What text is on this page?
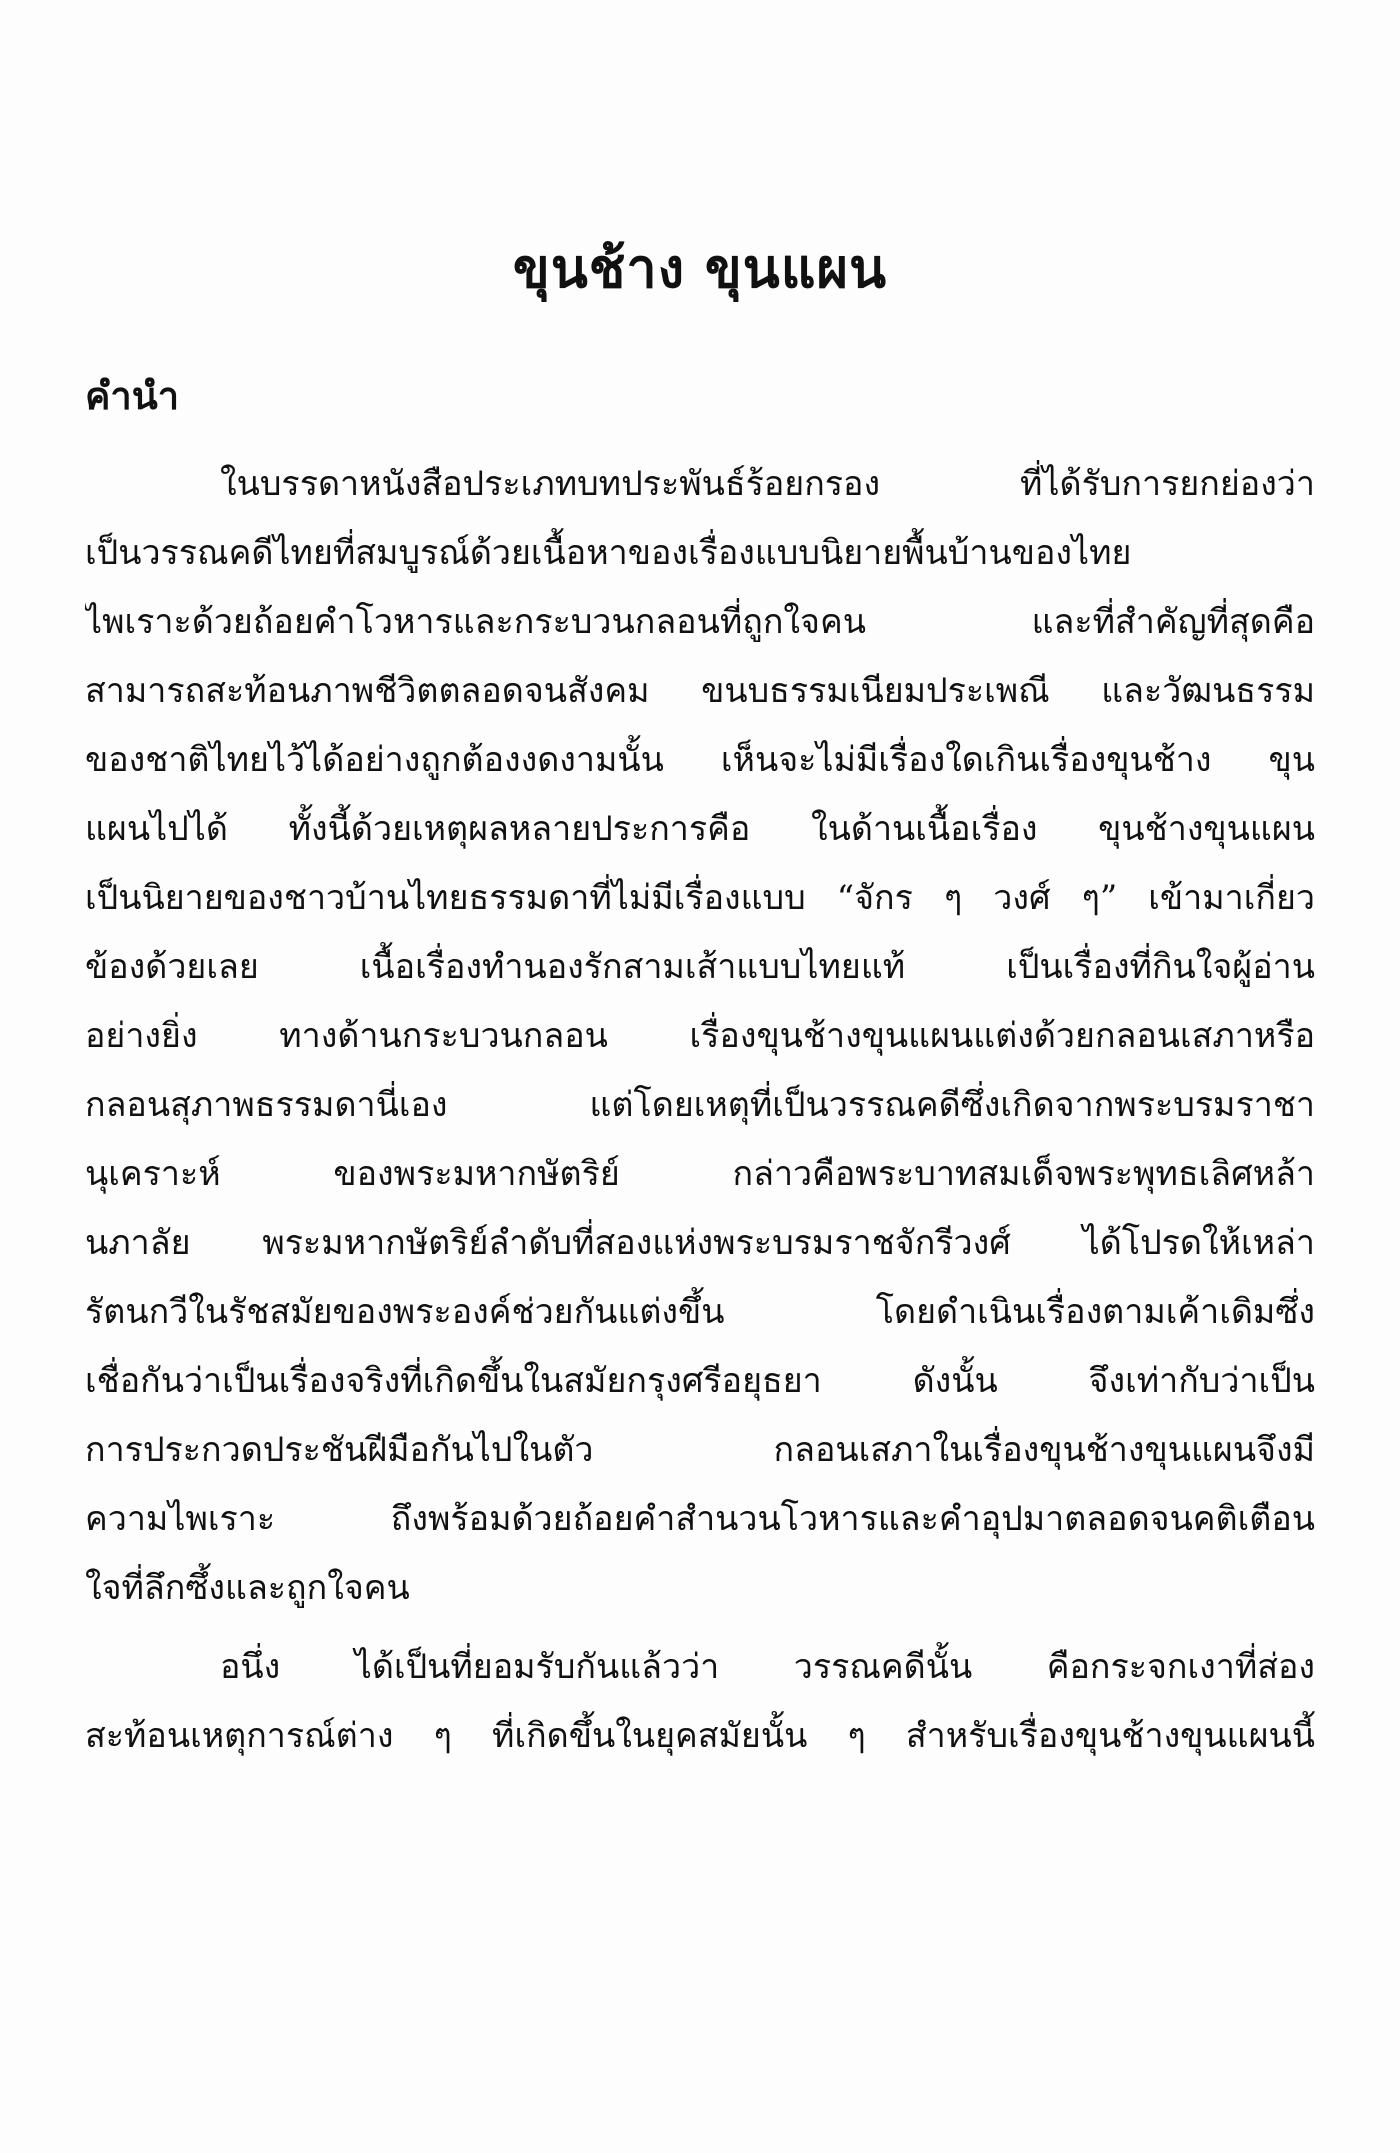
ขุนช้าง ขุนแผน
คำนำ
ในบรรดาหนังสือประเภทบทประพันธ์ร้อยกรอง ที่ได้รับการยกย่องว่า
เป็นวรรณคดีไทยที่สมบูรณ์ด้วยเนื้อหาของเรื่องแบบนิยายพื้นบ้านของไทย
ไพเราะด้วยถ้อยคำโวหารและกระบวนกลอนที่ถูกใจคน และที่สำคัญที่สุดคือ
สามารถสะท้อนภาพชีวิตตลอดจนสังคม ขนบธรรมเนียมประเพณี และวัฒนธรรม
ของชาติไทยไว้ได้อย่างถูกต้องงดงามนั้น เห็นจะไม่มีเรื่องใดเกินเรื่องขุนช้าง ขุน
แผนไปได้ ทั้งนี้ด้วยเหตุผลหลายประการคือ ในด้านเนื้อเรื่อง ขุนช้างขุนแผน
เป็นนิยายของชาวบ้านไทยธรรมดาที่ไม่มีเรื่องแบบ “จักร ๆ วงศ์ ๆ” เข้ามาเกี่ยว
ข้องด้วยเลย เนื้อเรื่องทำนองรักสามเส้าแบบไทยแท้ เป็นเรื่องที่กินใจผู้อ่าน
อย่างยิ่ง ทางด้านกระบวนกลอน เรื่องขุนช้างขุนแผนแต่งด้วยกลอนเสภาหรือ
กลอนสุภาพธรรมดานี่เอง แต่โดยเหตุที่เป็นวรรณคดีซึ่งเกิดจากพระบรมราชา
นุเคราะห์ ของพระมหากษัตริย์ กล่าวคือพระบาทสมเด็จพระพุทธเลิศหล้า
นภาลัย พระมหากษัตริย์ลำดับที่สองแห่งพระบรมราชจักรีวงศ์ ได้โปรดให้เหล่า
รัตนกวีในรัชสมัยของพระองค์ช่วยกันแต่งขึ้น โดยดำเนินเรื่องตามเค้าเดิมซึ่ง
เชื่อกันว่าเป็นเรื่องจริงที่เกิดขึ้นในสมัยกรุงศรีอยุธยา ดังนั้น จึงเท่ากับว่าเป็น
การประกวดประชันฝีมือกันไปในตัว กลอนเสภาในเรื่องขุนช้างขุนแผนจึงมี
ความไพเราะ ถึงพร้อมด้วยถ้อยคำสำนวนโวหารและคำอุปมาตลอดจนคติเตือน
ใจที่ลึกซึ้งและถูกใจคน
อนึ่ง ได้เป็นที่ยอมรับกันแล้วว่า วรรณคดีนั้น คือกระจกเงาที่ส่อง
สะท้อนเหตุการณ์ต่าง ๆ ที่เกิดขึ้นในยุคสมัยนั้น ๆ สำหรับเรื่องขุนช้างขุนแผนนี้
